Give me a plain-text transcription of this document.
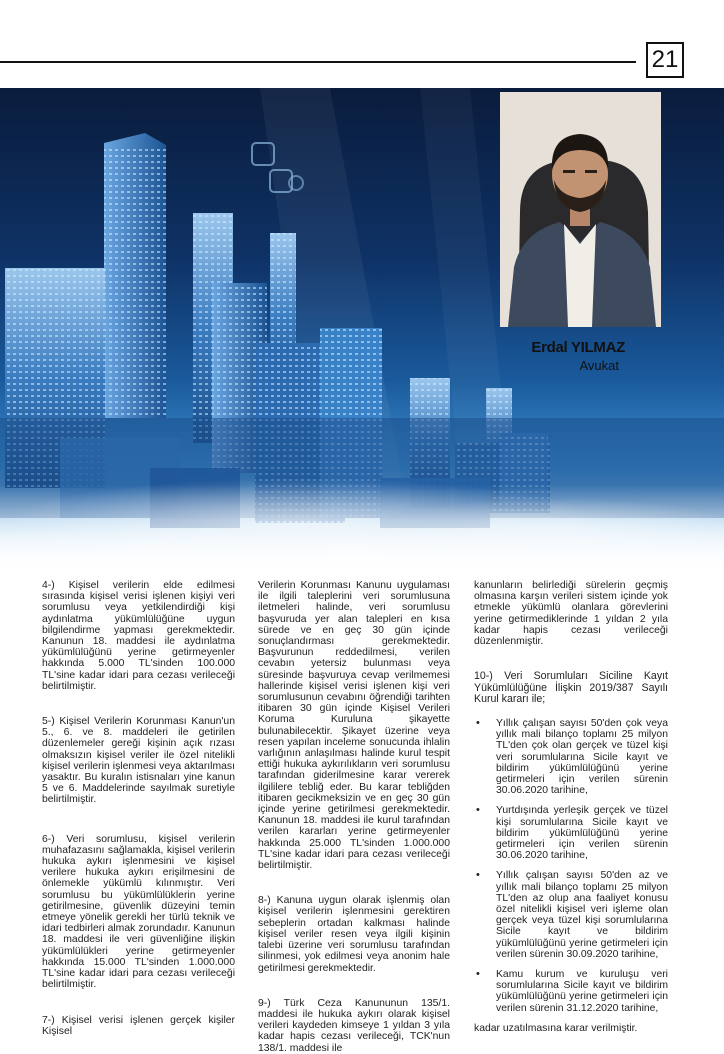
21
Erdal YILMAZ
Avukat

4-) Kişisel verilerin elde edilmesi sırasında kişisel verisi işlenen kişiyi veri sorumlusu veya yetkilendirdiği kişi aydınlatma yükümlülüğüne uygun bilgilendirme yapması gerekmektedir. Kanunun 18. maddesi ile aydınlatma yükümlülüğünü yerine getirmeyenler hakkında 5.000 TL'sinden 100.000 TL'sine kadar idari para cezası verileceği belirtilmiştir.

5-) Kişisel Verilerin Korunması Kanun'un 5., 6. ve 8. maddeleri ile getirilen düzenlemeler gereği kişinin açık rızası olmaksızın kişisel veriler ile özel nitelikli kişisel verilerin işlenmesi veya aktarılması yasaktır. Bu kuralın istisnaları yine kanun 5 ve 6. Maddelerinde sayılmak suretiyle belirtilmiştir.

6-) Veri sorumlusu, kişisel verilerin muhafazasını sağlamakla, kişisel verilerin hukuka aykırı işlenmesini ve kişisel verilere hukuka aykırı erişilmesini de önlemekle yükümlü kılınmıştır. Veri sorumlusu bu yükümlülüklerin yerine getirilmesine, güvenlik düzeyini temin etmeye yönelik gerekli her türlü teknik ve idari tedbirleri almak zorundadır. Kanunun 18. maddesi ile veri güvenliğine ilişkin yükümlülükleri yerine getirmeyenler hakkında 15.000 TL'sinden 1.000.000 TL'sine kadar idari para cezası verileceği belirtilmiştir.

7-) Kişisel verisi işlenen gerçek kişiler Kişisel

Verilerin Korunması Kanunu uygulaması ile ilgili taleplerini veri sorumlusuna iletmeleri halinde, veri sorumlusu başvuruda yer alan talepleri en kısa sürede ve en geç 30 gün içinde sonuçlandırması gerekmektedir. Başvurunun reddedilmesi, verilen cevabın yetersiz bulunması veya süresinde başvuruya cevap verilmemesi hallerinde kişisel verisi işlenen kişi veri sorumlusunun cevabını öğrendiği tarihten itibaren 30 gün içinde Kişisel Verileri Koruma Kuruluna şikayette bulunabilecektir. Şikayet üzerine veya resen yapılan inceleme sonucunda ihlalin varlığının anlaşılması halinde kurul tespit ettiği hukuka aykırılıkların veri sorumlusu tarafından giderilmesine karar vererek ilgililere tebliğ eder. Bu karar tebliğden itibaren gecikmeksizin ve en geç 30 gün içinde yerine getirilmesi gerekmektedir. Kanunun 18. maddesi ile kurul tarafından verilen kararları yerine getirmeyenler hakkında 25.000 TL'sinden 1.000.000 TL'sine kadar idari para cezası verileceği belirtilmiştir.

8-) Kanuna uygun olarak işlenmiş olan kişisel verilerin işlenmesini gerektiren sebeplerin ortadan kalkması halinde kişisel veriler resen veya ilgili kişinin talebi üzerine veri sorumlusu tarafından silinmesi, yok edilmesi veya anonim hale getirilmesi gerekmektedir.

9-) Türk Ceza Kanununun 135/1. maddesi ile hukuka aykırı olarak kişisel verileri kaydeden kimseye 1 yıldan 3 yıla kadar hapis cezası verileceği, TCK'nun 138/1. maddesi ile

kanunların belirlediği sürelerin geçmiş olmasına karşın verileri sistem içinde yok etmekle yükümlü olanlara görevlerini yerine getirmediklerinde 1 yıldan 2 yıla kadar hapis cezası verileceği düzenlenmiştir.

10-) Veri Sorumluları Siciline Kayıt Yükümlülüğüne İlişkin 2019/387 Sayılı Kurul kararı ile;

• Yıllık çalışan sayısı 50'den çok veya yıllık mali bilanço toplamı 25 milyon TL'den çok olan gerçek ve tüzel kişi veri sorumlularına Sicile kayıt ve bildirim yükümlülüğünü yerine getirmeleri için verilen sürenin 30.06.2020 tarihine,
• Yurtdışında yerleşik gerçek ve tüzel kişi sorumlularına Sicile kayıt ve bildirim yükümlülüğünü yerine getirmeleri için verilen sürenin 30.06.2020 tarihine,
• Yıllık çalışan sayısı 50'den az ve yıllık mali bilanço toplamı 25 milyon TL'den az olup ana faaliyet konusu özel nitelikli kişisel veri işleme olan gerçek veya tüzel kişi sorumlularına Sicile kayıt ve bildirim yükümlülüğünü yerine getirmeleri için verilen sürenin 30.09.2020 tarihine,
• Kamu kurum ve kuruluşu veri sorumlularına Sicile kayıt ve bildirim yükümlülüğünü yerine getirmeleri için verilen sürenin 31.12.2020 tarihine,

kadar uzatılmasına karar verilmiştir.
